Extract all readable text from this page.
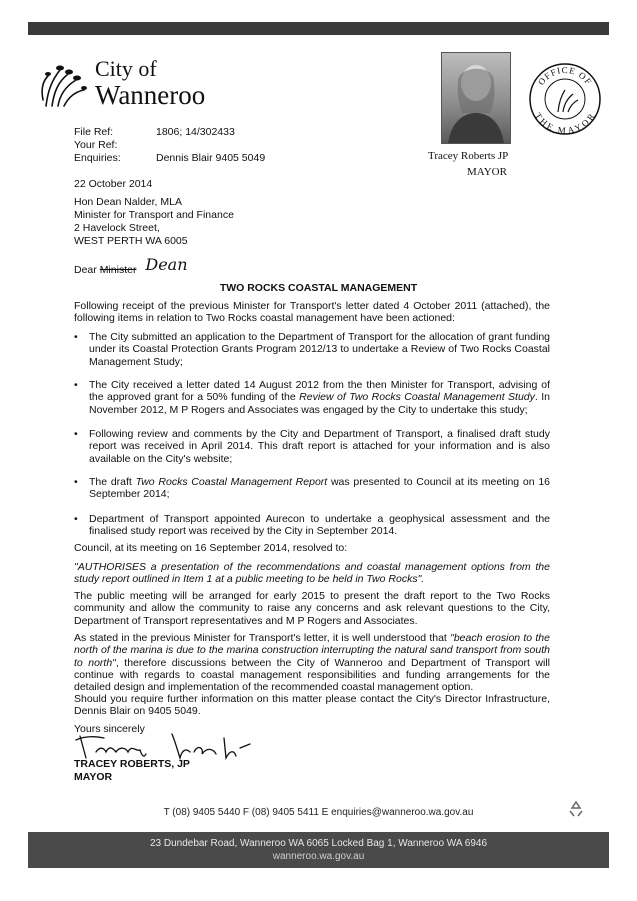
City of
Wanneroo	OFFICE OF
THE MAYOR
Tracey Roberts JP
MAYOR
File Ref:	1806; 14/302433
Your Ref:
Enquiries:	Dennis Blair 9405 5049
22 October 2014
Hon Dean Nalder, MLA
Minister for Transport and Finance
2 Havelock Street,
WEST PERTH WA 6005
Dear Minister Dean
TWO ROCKS COASTAL MANAGEMENT
Following receipt of the previous Minister for Transport's letter dated 4 October 2011 (attached), the following items in relation to Two Rocks coastal management have been actioned:
• The City submitted an application to the Department of Transport for the allocation of grant funding under its Coastal Protection Grants Program 2012/13 to undertake a Review of Two Rocks Coastal Management Study;
• The City received a letter dated 14 August 2012 from the then Minister for Transport, advising of the approved grant for a 50% funding of the Review of Two Rocks Coastal Management Study. In November 2012, M P Rogers and Associates was engaged by the City to undertake this study;
• Following review and comments by the City and Department of Transport, a finalised draft study report was received in April 2014. This draft report is attached for your information and is also available on the City's website;
• The draft Two Rocks Coastal Management Report was presented to Council at its meeting on 16 September 2014;
• Department of Transport appointed Aurecon to undertake a geophysical assessment and the finalised study report was received by the City in September 2014.
Council, at its meeting on 16 September 2014, resolved to:
"AUTHORISES a presentation of the recommendations and coastal management options from the study report outlined in Item 1 at a public meeting to be held in Two Rocks".
The public meeting will be arranged for early 2015 to present the draft report to the Two Rocks community and allow the community to raise any concerns and ask relevant questions to the City, Department of Transport representatives and M P Rogers and Associates.
As stated in the previous Minister for Transport's letter, it is well understood that "beach erosion to the north of the marina is due to the marina construction interrupting the natural sand transport from south to north", therefore discussions between the City of Wanneroo and Department of Transport will continue with regards to coastal management responsibilities and funding arrangements for the detailed design and implementation of the recommended coastal management option.
Should you require further information on this matter please contact the City's Director Infrastructure, Dennis Blair on 9405 5049.
Yours sincerely
TRACEY ROBERTS, JP
MAYOR
T (08) 9405 5440 F (08) 9405 5411 E enquiries@wanneroo.wa.gov.au
23 Dundebar Road, Wanneroo WA 6065 Locked Bag 1, Wanneroo WA 6946
wanneroo.wa.gov.au
